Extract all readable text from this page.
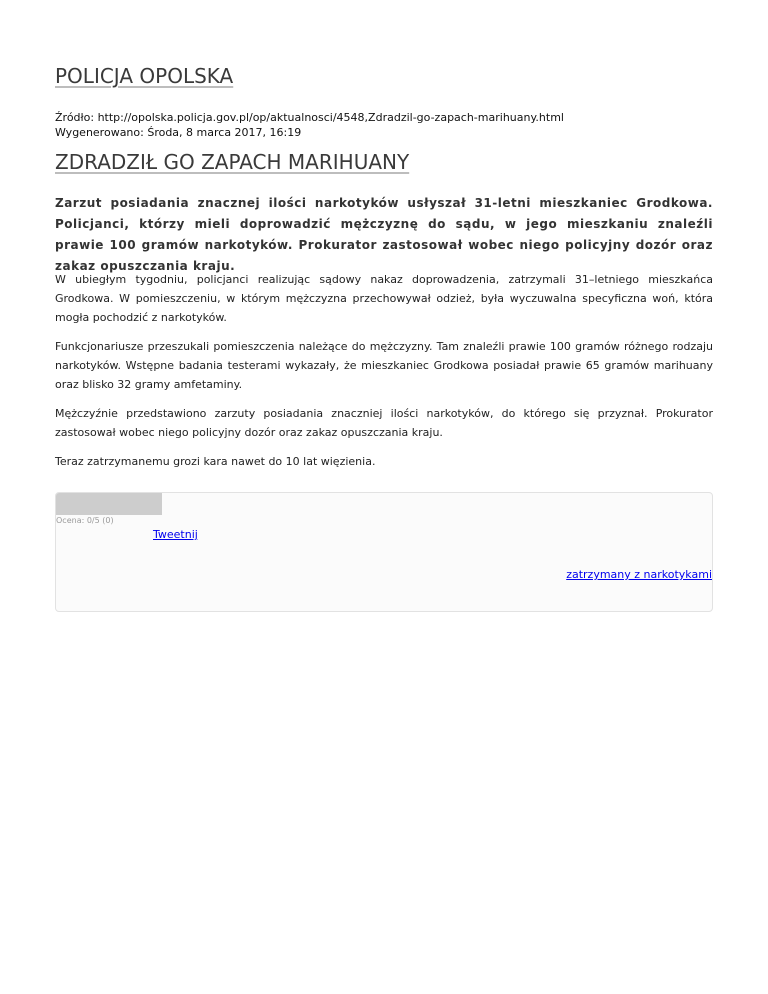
POLICJA OPOLSKA
Źródło: http://opolska.policja.gov.pl/op/aktualnosci/4548,Zdradzil-go-zapach-marihuany.html
Wygenerowano: Środa, 8 marca 2017, 16:19
ZDRADZIŁ GO ZAPACH MARIHUANY

Zarzut posiadania znacznej ilości narkotyków usłyszał 31-letni mieszkaniec Grodkowa. Policjanci, którzy mieli doprowadzić mężczyznę do sądu, w jego mieszkaniu znaleźli prawie 100 gramów narkotyków. Prokurator zastosował wobec niego policyjny dozór oraz zakaz opuszczania kraju.

W ubiegłym tygodniu, policjanci realizując sądowy nakaz doprowadzenia, zatrzymali 31–letniego mieszkańca Grodkowa. W pomieszczeniu, w którym mężczyzna przechowywał odzież, była wyczuwalna specyficzna woń, która mogła pochodzić z narkotyków.

Funkcjonariusze przeszukali pomieszczenia należące do mężczyzny. Tam znaleźli prawie 100 gramów różnego rodzaju narkotyków. Wstępne badania testerami wykazały, że mieszkaniec Grodkowa posiadał prawie 65 gramów marihuany oraz blisko 32 gramy amfetaminy.

Mężczyźnie przedstawiono zarzuty posiadania znaczniej ilości narkotyków, do którego się przyznał. Prokurator zastosował wobec niego policyjny dozór oraz zakaz opuszczania kraju.

Teraz zatrzymanemu grozi kara nawet do 10 lat więzienia.

Ocena: 0/5 (0)
Tweetnij
zatrzymany z narkotykami
